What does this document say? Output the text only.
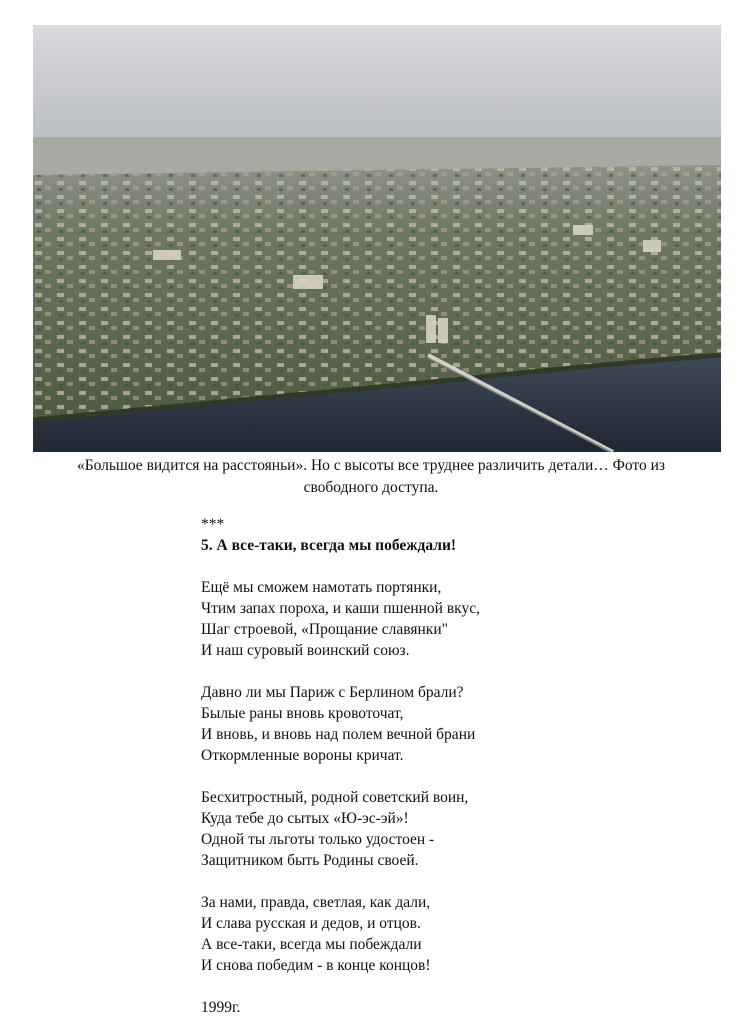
«Большое видится на расстояньи». Но с высоты все труднее различить детали… Фото из
свободного доступа.
***
5. А все-таки, всегда мы побеждали!
Ещё мы сможем намотать портянки,
Чтим запах пороха, и каши пшенной вкус,
Шаг строевой, «Прощание славянки"
И наш суровый воинский союз.
Давно ли мы Париж с Берлином брали?
Былые раны вновь кровоточат,
И вновь, и вновь над полем вечной брани
Откормленные вороны кричат.
Бесхитростный, родной советский воин,
Куда тебе до сытых «Ю-эс-эй»!
Одной ты льготы только удостоен -
Защитником быть Родины своей.
За нами, правда, светлая, как дали,
И слава русская и дедов, и отцов.
А все-таки, всегда мы побеждали
И снова победим - в конце концов!
1999г.
